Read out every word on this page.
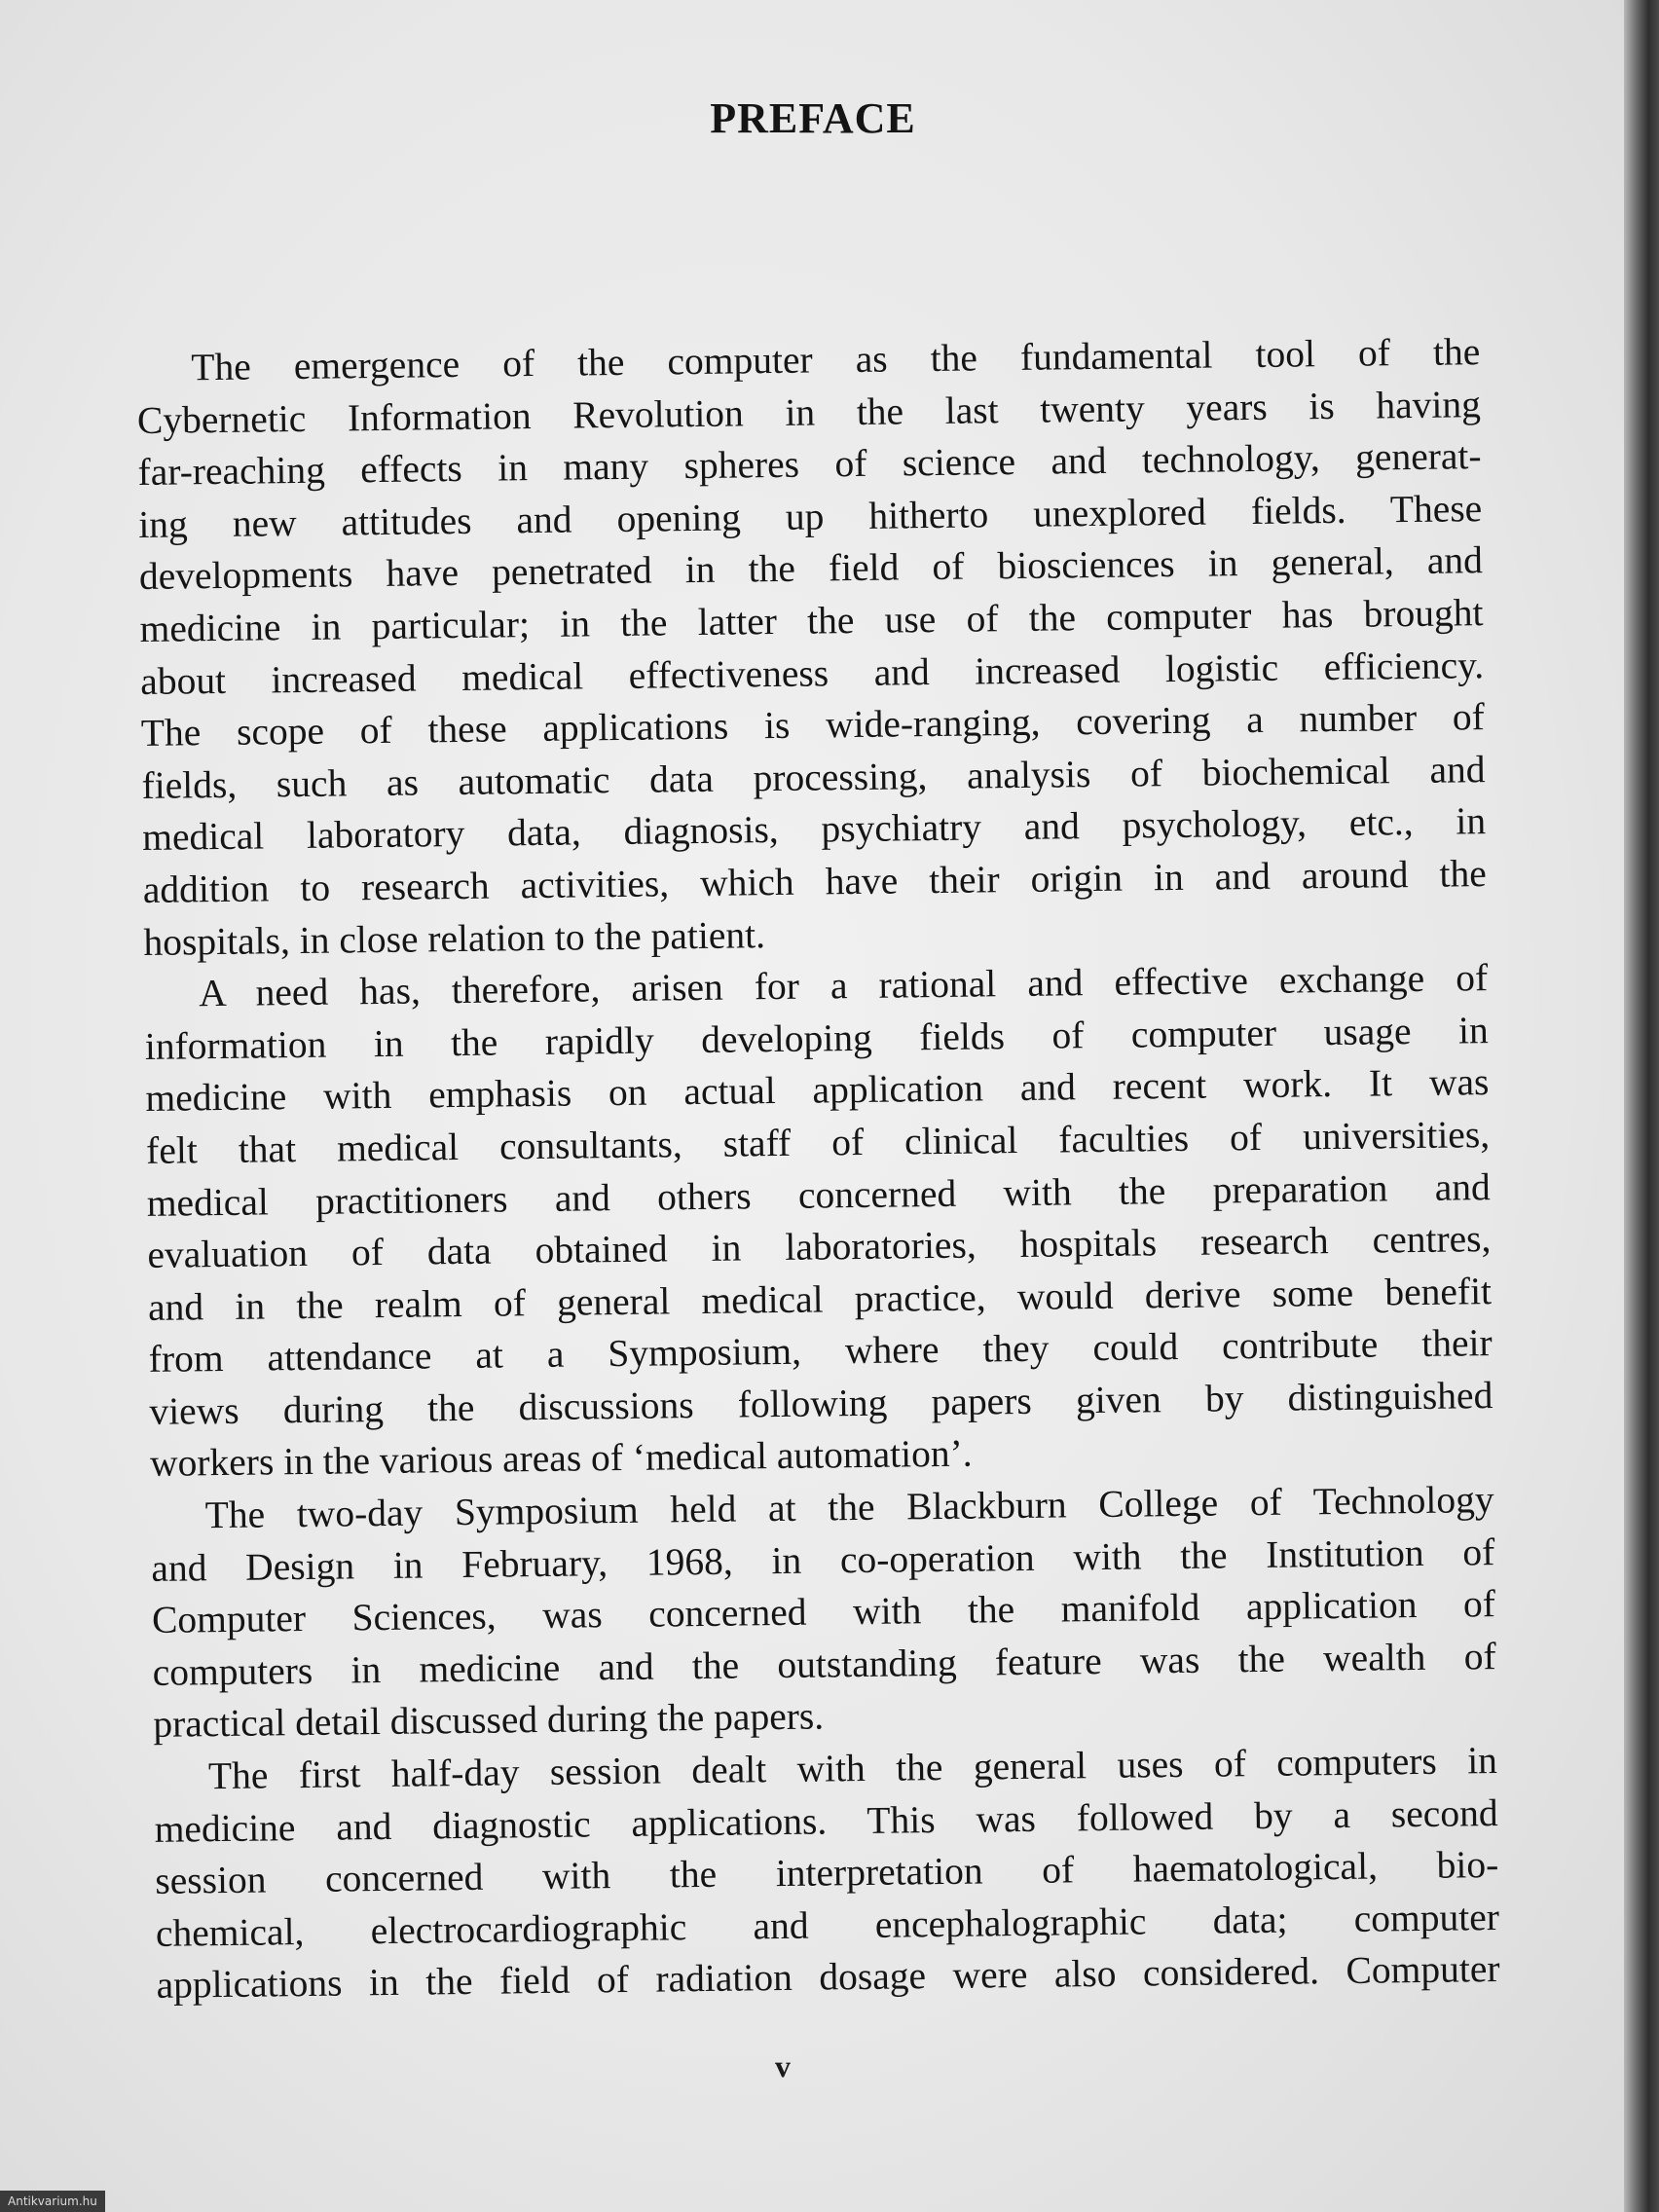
PREFACE
The emergence of the computer as the fundamental tool of the
Cybernetic Information Revolution in the last twenty years is having
far-reaching effects in many spheres of science and technology, generat-
ing new attitudes and opening up hitherto unexplored fields. These
developments have penetrated in the field of biosciences in general, and
medicine in particular; in the latter the use of the computer has brought
about increased medical effectiveness and increased logistic efficiency.
The scope of these applications is wide-ranging, covering a number of
fields, such as automatic data processing, analysis of biochemical and
medical laboratory data, diagnosis, psychiatry and psychology, etc., in
addition to research activities, which have their origin in and around the
hospitals, in close relation to the patient.
A need has, therefore, arisen for a rational and effective exchange of
information in the rapidly developing fields of computer usage in
medicine with emphasis on actual application and recent work. It was
felt that medical consultants, staff of clinical faculties of universities,
medical practitioners and others concerned with the preparation and
evaluation of data obtained in laboratories, hospitals research centres,
and in the realm of general medical practice, would derive some benefit
from attendance at a Symposium, where they could contribute their
views during the discussions following papers given by distinguished
workers in the various areas of ‘medical automation’.
The two-day Symposium held at the Blackburn College of Technology
and Design in February, 1968, in co-operation with the Institution of
Computer Sciences, was concerned with the manifold application of
computers in medicine and the outstanding feature was the wealth of
practical detail discussed during the papers.
The first half-day session dealt with the general uses of computers in
medicine and diagnostic applications. This was followed by a second
session concerned with the interpretation of haematological, bio-
chemical, electrocardiographic and encephalographic data; computer
applications in the field of radiation dosage were also considered. Computer
v
Antikvarium.hu
